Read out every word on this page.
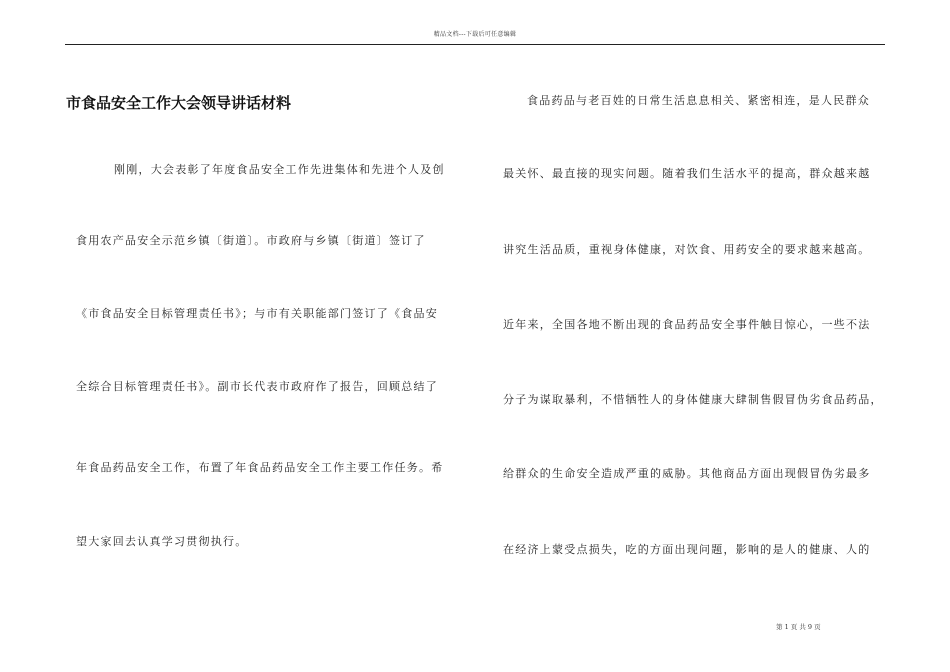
精品文档---下载后可任意编辑
市食品安全工作大会领导讲话材料
刚刚，大会表彰了年度食品安全工作先进集体和先进个人及创
食用农产品安全示范乡镇〔街道〕。市政府与乡镇〔街道〕签订了
《市食品安全目标管理责任书》；与市有关职能部门签订了《食品安
全综合目标管理责任书》。副市长代表市政府作了报告，回顾总结了
年食品药品安全工作，布置了年食品药品安全工作主要工作任务。希
望大家回去认真学习贯彻执行。
食品药品与老百姓的日常生活息息相关、紧密相连，是人民群众
最关怀、最直接的现实问题。随着我们生活水平的提高，群众越来越
讲究生活品质，重视身体健康，对饮食、用药安全的要求越来越高。
近年来，全国各地不断出现的食品药品安全事件触目惊心，一些不法
分子为谋取暴利，不惜牺牲人的身体健康大肆制售假冒伪劣食品药品，
给群众的生命安全造成严重的威胁。其他商品方面出现假冒伪劣最多
在经济上蒙受点损失，吃的方面出现问题，影响的是人的健康、人的
第 1 页 共 9 页
